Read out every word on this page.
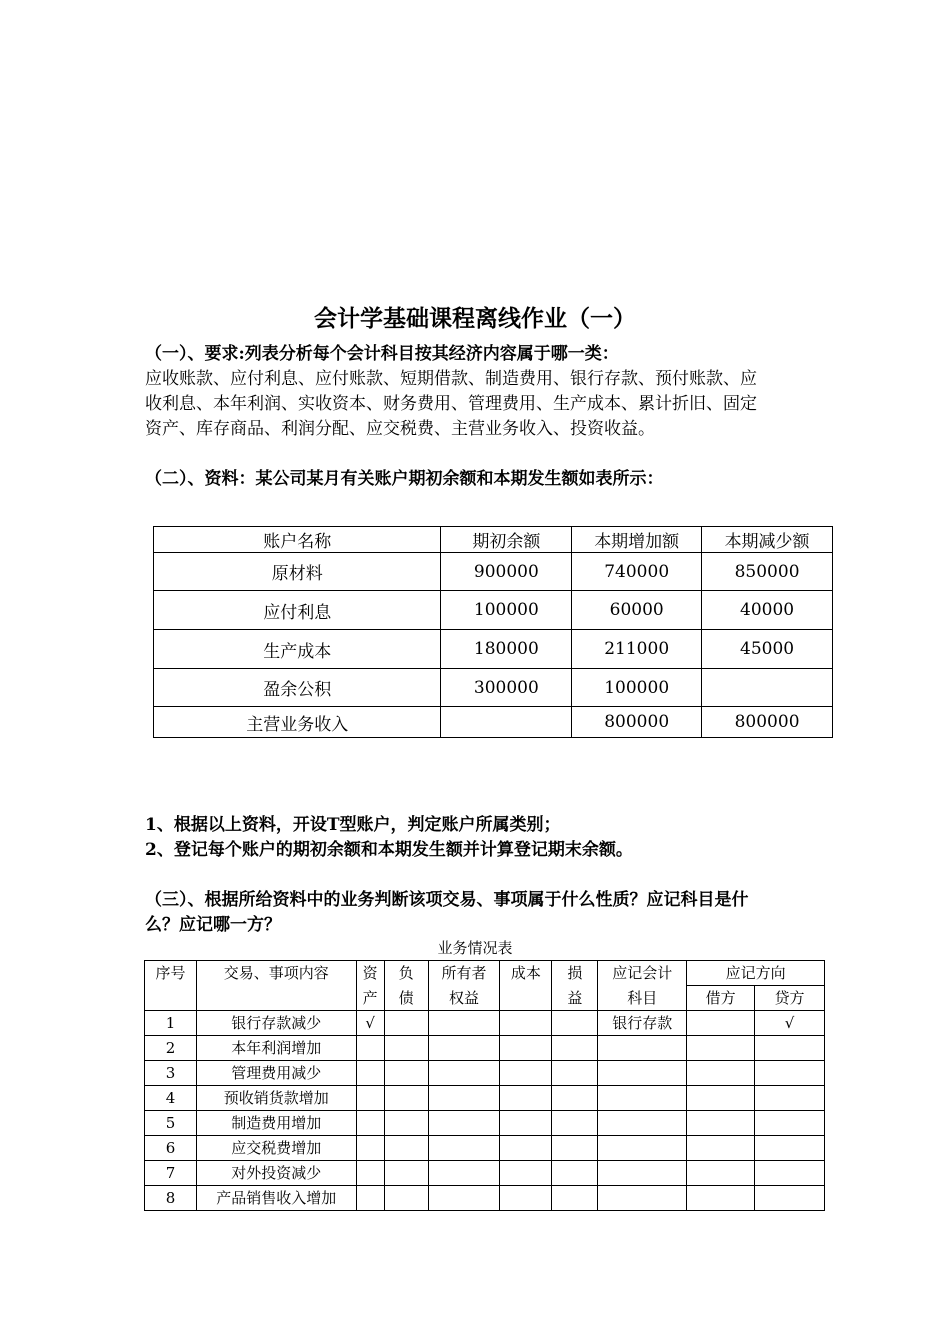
会计学基础课程离线作业（一）
（一）、要求:列表分析每个会计科目按其经济内容属于哪一类：
应收账款、应付利息、应付账款、短期借款、制造费用、银行存款、预付账款、应
收利息、本年利润、实收资本、财务费用、管理费用、生产成本、累计折旧、固定
资产、库存商品、利润分配、应交税费、主营业务收入、投资收益。
（二）、资料：某公司某月有关账户期初余额和本期发生额如表所示：
账户名称	期初余额	本期增加额	本期减少额
原材料	900000	740000	850000
应付利息	100000	60000	40000
生产成本	180000	211000	45000
盈余公积	300000	100000	
主营业务收入		800000	800000
1、根据以上资料，开设T型账户，判定账户所属类别；
2、登记每个账户的期初余额和本期发生额并计算登记期末余额。
（三）、根据所给资料中的业务判断该项交易、事项属于什么性质？应记科目是什
么？应记哪一方？
业务情况表
序号	交易、事项内容	资	负	所有者	成本	损	应记会计	应记方向	
		产	债	权益		益	科目	借方	贷方
1	银行存款减少	√					银行存款		√
2	本年利润增加								
3	管理费用减少								
4	预收销货款增加								
5	制造费用增加								
6	应交税费增加								
7	对外投资减少								
8	产品销售收入增加								
